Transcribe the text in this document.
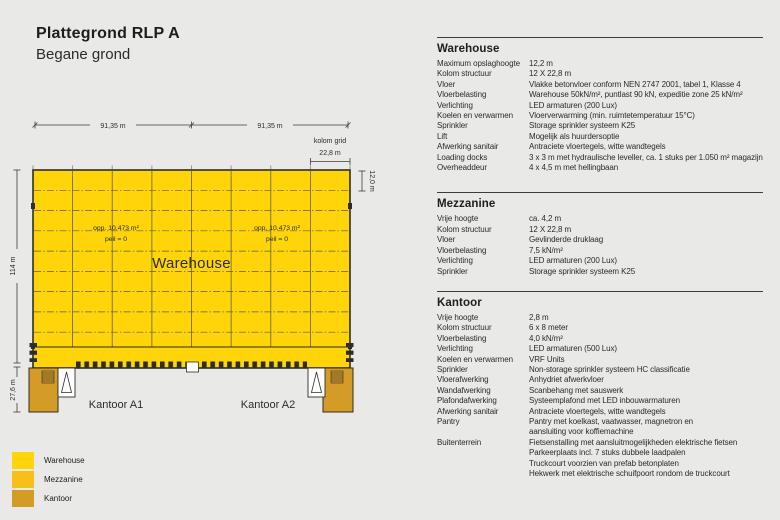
Plattegrond RLP A
Begane grond
91,35 m	91,35 m
kolom grid
22,8 m
12,0 m
114 m
27,6 m
opp. 10.473 m²
peil = 0
opp. 10.473 m²
peil = 0
Warehouse
Kantoor A1	Kantoor A2
Warehouse
Mezzanine
Kantoor
Warehouse
Maximum opslaghoogte	12,2 m
Kolom structuur	12 X 22,8 m
Vloer	Vlakke betonvloer conform NEN 2747 2001, tabel 1, Klasse 4
Vloerbelasting	Warehouse 50kN/m², puntlast 90 kN, expeditie zone 25 kN/m²
Verlichting	LED armaturen (200 Lux)
Koelen en verwarmen	Vloerverwarming (min. ruimtetemperatuur 15°C)
Sprinkler	Storage sprinkler systeem K25
Lift	Mogelijk als huurdersoptie
Afwerking sanitair	Antraciete vloertegels, witte wandtegels
Loading docks	3 x 3 m met hydraulische leveller, ca. 1 stuks per 1.050 m² magazijn
Overheaddeur	4 x 4,5 m met hellingbaan
Mezzanine
Vrije hoogte	ca. 4,2 m
Kolom structuur	12 X 22,8 m
Vloer	Gevlinderde druklaag
Vloerbelasting	7,5 kN/m²
Verlichting	LED armaturen (200 Lux)
Sprinkler	Storage sprinkler systeem K25
Kantoor
Vrije hoogte	2,8 m
Kolom structuur	6 x 8 meter
Vloerbelasting	4,0 kN/m²
Verlichting	LED armaturen (500 Lux)
Koelen en verwarmen	VRF Units
Sprinkler	Non-storage sprinkler systeem HC classificatie
Vloerafwerking	Anhydriet afwerkvloer
Wandafwerking	Scanbehang met sauswerk
Plafondafwerking	Systeemplafond met LED inbouwarmaturen
Afwerking sanitair	Antraciete vloertegels, witte wandtegels
Pantry	Pantry met koelkast, vaatwasser, magnetron en
aansluiting voor koffiemachine
Buitenterrein	Fietsenstalling met aansluitmogelijkheden elektrische fietsen
Parkeerplaats incl. 7 stuks dubbele laadpalen
Truckcourt voorzien van prefab betonplaten
Hekwerk met elektrische schuifpoort rondom de truckcourt
